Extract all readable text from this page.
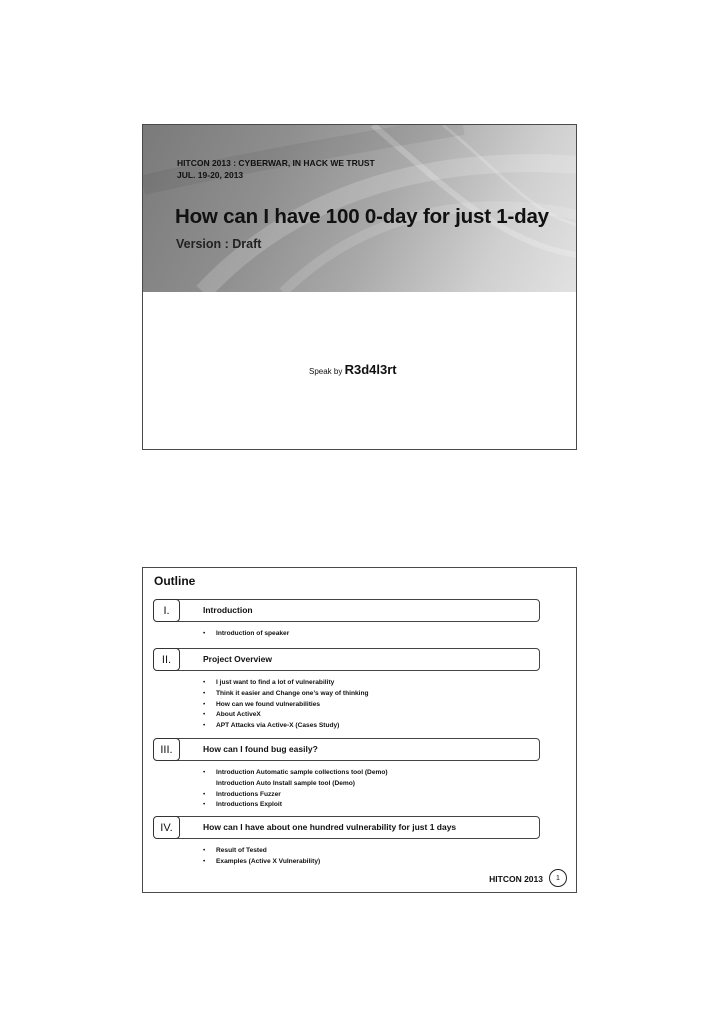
HITCON 2013 : CYBERWAR, IN HACK WE TRUST
JUL. 19-20, 2013
How can I have 100 0-day for just 1-day
Version : Draft
Speak by R3d4l3rt
Outline
I.	Introduction
• Introduction of speaker
II.	Project Overview
• I just want to find a lot of vulnerability
• Think it easier and Change one’s way of thinking
• How can we found vulnerabilities
• About ActiveX
• APT Attacks via Active-X (Cases Study)
III.	How can I found bug easily?
• Introduction Automatic sample collections tool (Demo)
Introduction Auto Install sample tool (Demo)
• Introductions Fuzzer
• Introductions Exploit
IV.	How can I have about one hundred vulnerability for just 1 days
• Result of Tested
• Examples (Active X Vulnerability)
HITCON 2013	1
